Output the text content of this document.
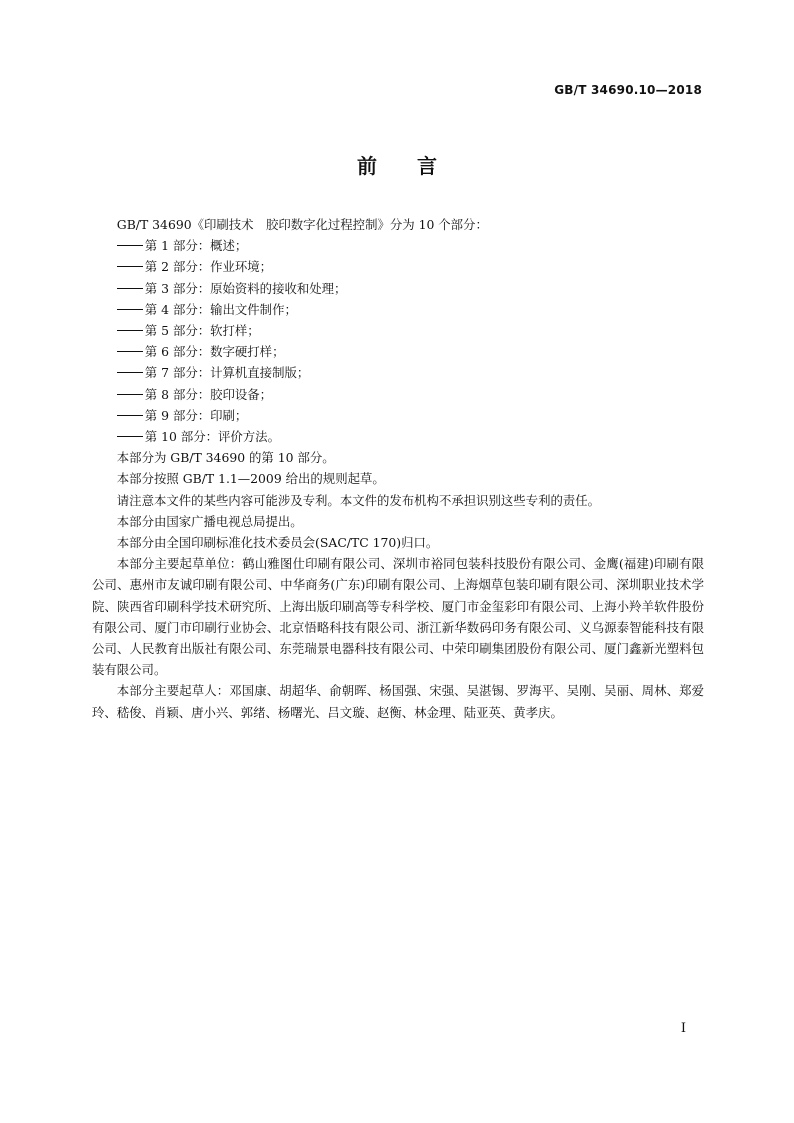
GB/T 34690.10—2018
前 言

GB/T 34690《印刷技术　胶印数字化过程控制》分为 10 个部分：

第 1 部分：概述；

第 2 部分：作业环境；

第 3 部分：原始资料的接收和处理；

第 4 部分：输出文件制作；

第 5 部分：软打样；

第 6 部分：数字硬打样；

第 7 部分：计算机直接制版；

第 8 部分：胶印设备；

第 9 部分：印刷；

第 10 部分：评价方法。

本部分为 GB/T 34690 的第 10 部分。

本部分按照 GB/T 1.1—2009 给出的规则起草。

请注意本文件的某些内容可能涉及专利。本文件的发布机构不承担识别这些专利的责任。

本部分由国家广播电视总局提出。

本部分由全国印刷标准化技术委员会(SAC/TC 170)归口。

本部分主要起草单位：鹤山雅图仕印刷有限公司、深圳市裕同包装科技股份有限公司、金鹰(福建)印刷有限公司、惠州市友诚印刷有限公司、中华商务(广东)印刷有限公司、上海烟草包装印刷有限公司、深圳职业技术学院、陕西省印刷科学技术研究所、上海出版印刷高等专科学校、厦门市金玺彩印有限公司、上海小羚羊软件股份有限公司、厦门市印刷行业协会、北京悟略科技有限公司、浙江新华数码印务有限公司、义乌源泰智能科技有限公司、人民教育出版社有限公司、东莞瑞景电器科技有限公司、中荣印刷集团股份有限公司、厦门鑫新光塑料包装有限公司。

本部分主要起草人：邓国康、胡超华、俞朝晖、杨国强、宋强、吴湛锡、罗海平、吴刚、吴丽、周林、郑爱玲、嵇俊、肖颖、唐小兴、郭绪、杨曙光、吕文璇、赵衡、林金理、陆亚英、黄孝庆。

I
